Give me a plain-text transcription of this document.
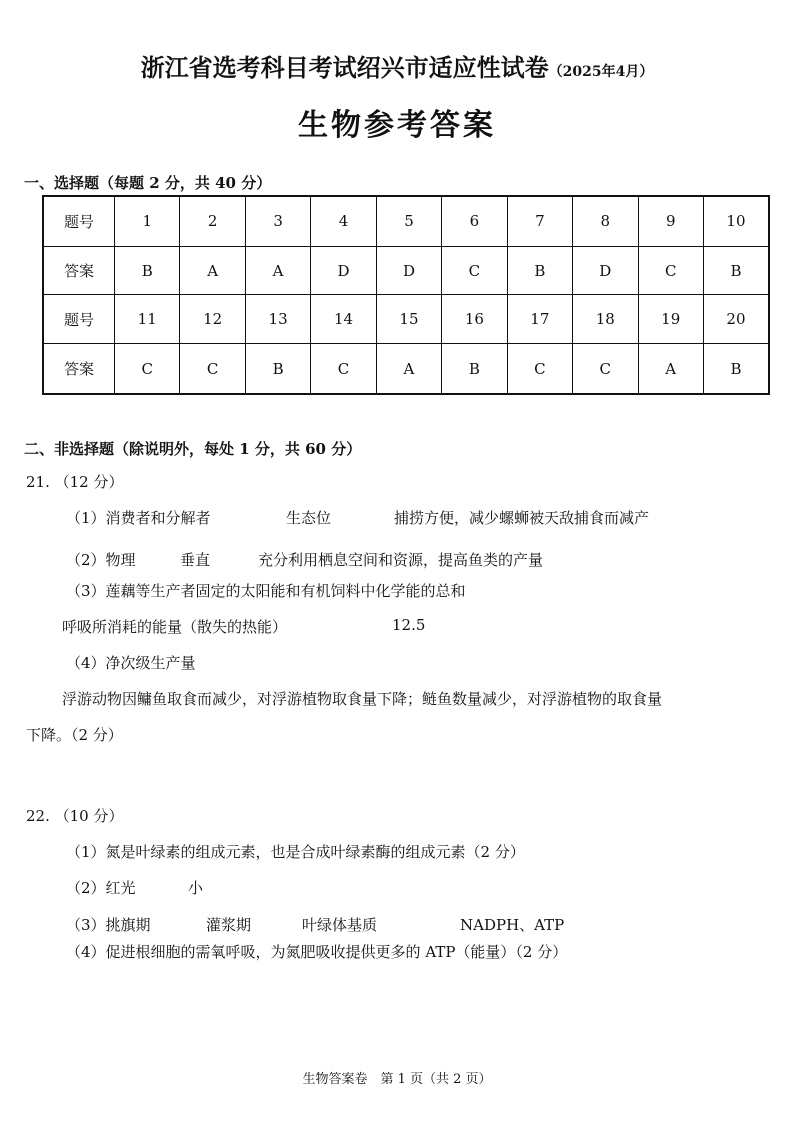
浙江省选考科目考试绍兴市适应性试卷（2025年4月）
生物参考答案
一、选择题（每题 2 分，共 40 分）
题号	1	2	3	4	5	6	7	8	9	10
答案	B	A	A	D	D	C	B	D	C	B
题号	11	12	13	14	15	16	17	18	19	20
答案	C	C	B	C	A	B	C	C	A	B
二、非选择题（除说明外，每处 1 分，共 60 分）
21. （12 分）
（1）消费者和分解者	生态位	捕捞方便，减少螺蛳被天敌捕食而减产
（2）物理	垂直	充分利用栖息空间和资源，提高鱼类的产量
（3）莲藕等生产者固定的太阳能和有机饲料中化学能的总和
呼吸所消耗的能量（散失的热能）	12.5
（4）净次级生产量
浮游动物因鳙鱼取食而减少，对浮游植物取食量下降；鲢鱼数量减少，对浮游植物的取食量
下降。（2 分）
22. （10 分）
（1）氮是叶绿素的组成元素，也是合成叶绿素酶的组成元素（2 分）
（2）红光	小
（3）挑旗期	灌浆期	叶绿体基质	NADPH、ATP
（4）促进根细胞的需氧呼吸，为氮肥吸收提供更多的 ATP（能量）（2 分）
生物答案卷　第 1 页（共 2 页）
